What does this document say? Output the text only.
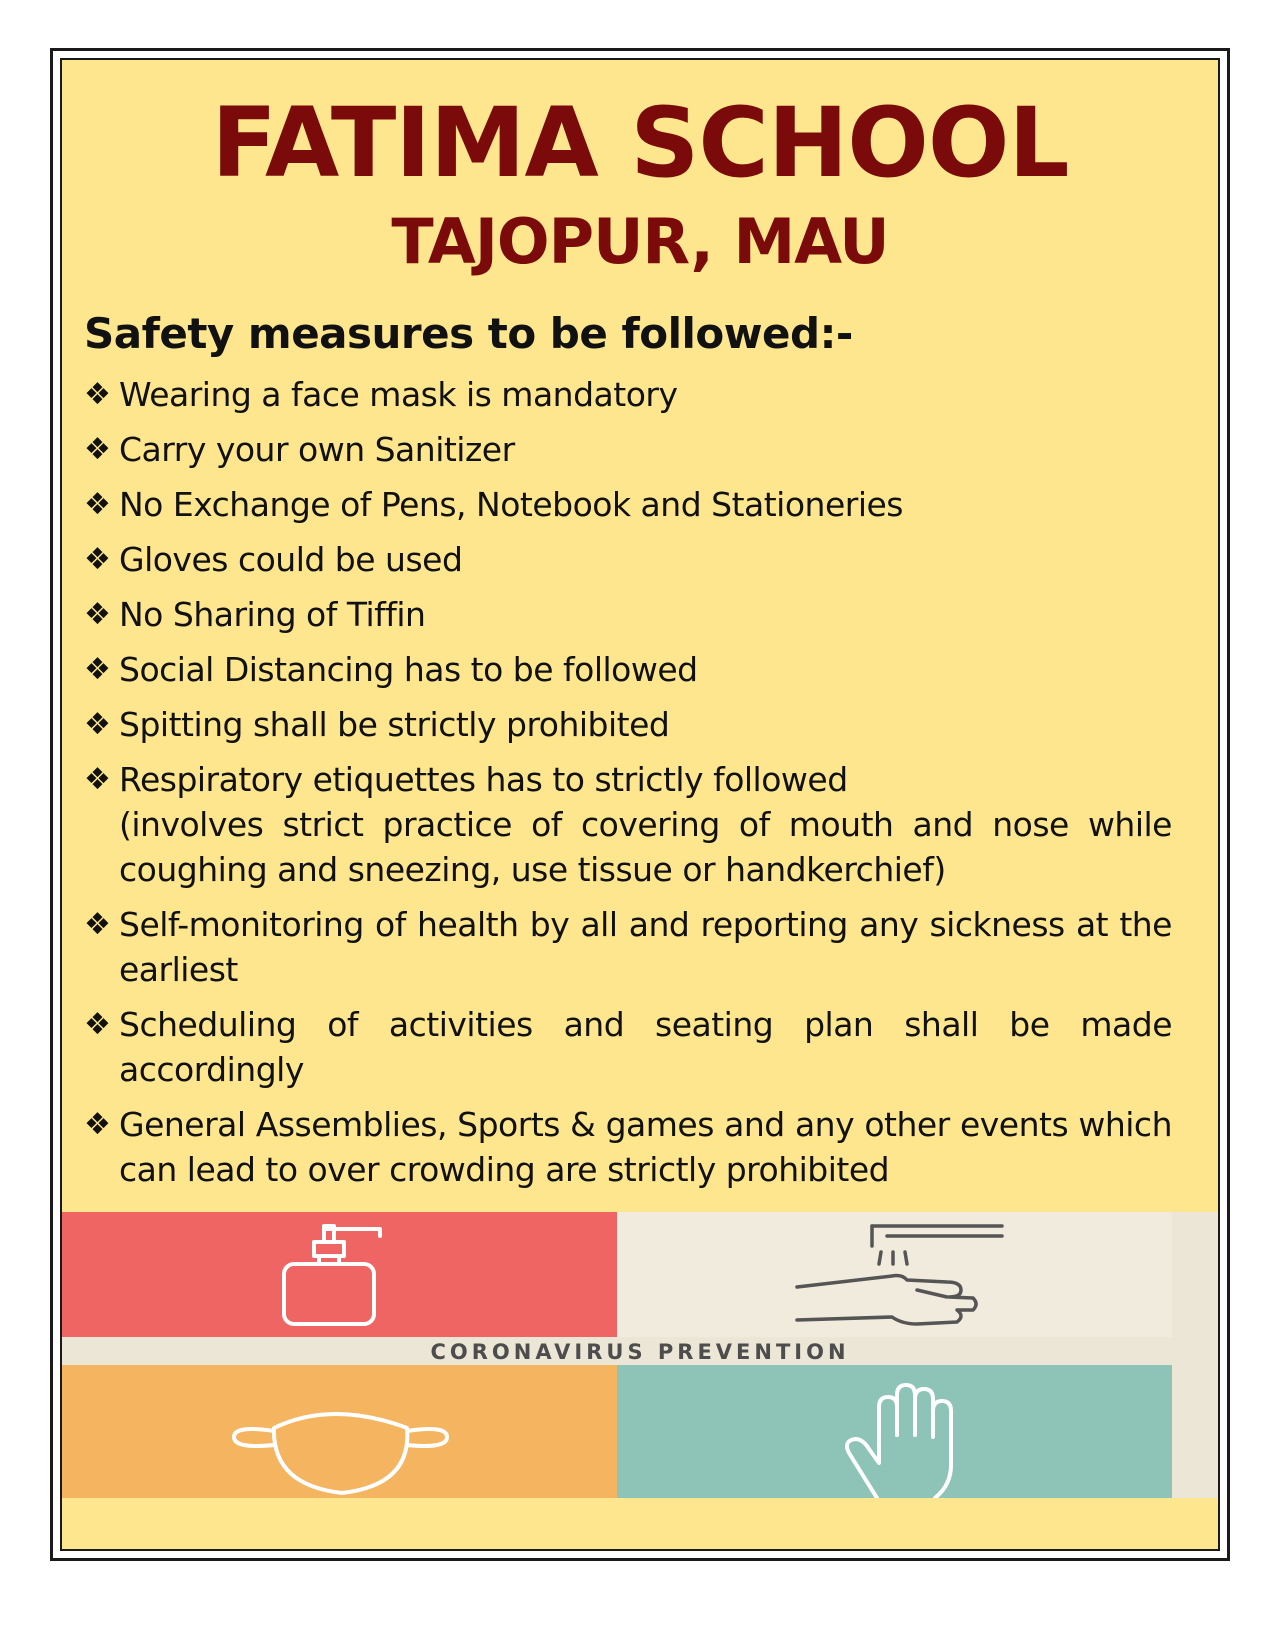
FATIMA SCHOOL
TAJOPUR, MAU
Safety measures to be followed:-
❖ Wearing a face mask is mandatory
❖ Carry your own Sanitizer
❖ No Exchange of Pens, Notebook and Stationeries
❖ Gloves could be used
❖ No Sharing of Tiffin
❖ Social Distancing has to be followed
❖ Spitting shall be strictly prohibited
❖ Respiratory etiquettes has to strictly followed
(involves strict practice of covering of mouth and nose while coughing and sneezing, use tissue or handkerchief)
❖ Self-monitoring of health by all and reporting any sickness at the earliest
❖ Scheduling of activities and seating plan shall be made accordingly
❖ General Assemblies, Sports & games and any other events which can lead to over crowding are strictly prohibited
CORONAVIRUS PREVENTION
